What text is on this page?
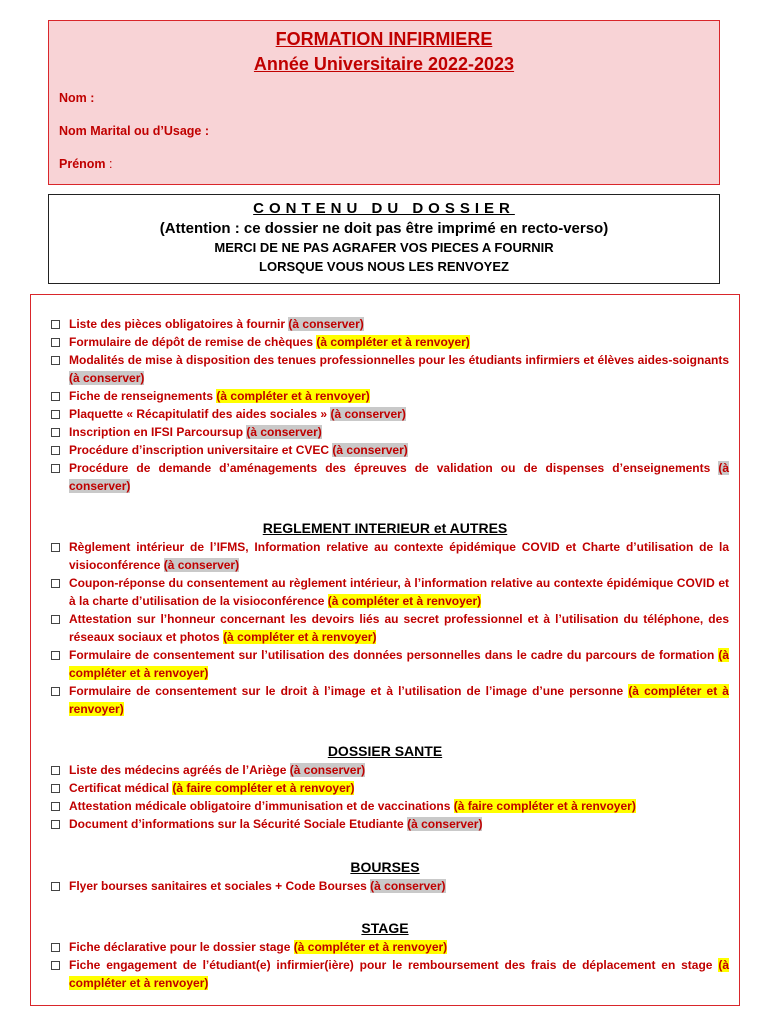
FORMATION INFIRMIERE
Année Universitaire 2022-2023
Nom :
Nom Marital ou d’Usage :
Prénom :
CONTENU DU DOSSIER
(Attention : ce dossier ne doit pas être imprimé en recto-verso)
MERCI DE NE PAS AGRAFER VOS PIECES A FOURNIR
LORSQUE VOUS NOUS LES RENVOYEZ
Liste des pièces obligatoires à fournir (à conserver)
Formulaire de dépôt de remise de chèques (à compléter et à renvoyer)
Modalités de mise à disposition des tenues professionnelles pour les étudiants infirmiers et élèves aides-soignants (à conserver)
Fiche de renseignements (à compléter et à renvoyer)
Plaquette « Récapitulatif des aides sociales » (à conserver)
Inscription en IFSI Parcoursup (à conserver)
Procédure d’inscription universitaire et CVEC (à conserver)
Procédure de demande d’aménagements des épreuves de validation ou de dispenses d’enseignements (à conserver)
REGLEMENT INTERIEUR et AUTRES
Règlement intérieur de l’IFMS, Information relative au contexte épidémique COVID et Charte d’utilisation de la visioconférence (à conserver)
Coupon-réponse du consentement au règlement intérieur, à l’information relative au contexte épidémique COVID et à la charte d’utilisation de la visioconférence (à compléter et à renvoyer)
Attestation sur l’honneur concernant les devoirs liés au secret professionnel et à l’utilisation du téléphone, des réseaux sociaux et photos (à compléter et à renvoyer)
Formulaire de consentement sur l’utilisation des données personnelles dans le cadre du parcours de formation (à compléter et à renvoyer)
Formulaire de consentement sur le droit à l’image et à l’utilisation de l’image d’une personne (à compléter et à renvoyer)
DOSSIER SANTE
Liste des médecins agréés de l’Ariège (à conserver)
Certificat médical (à faire compléter et à renvoyer)
Attestation médicale obligatoire d’immunisation et de vaccinations (à faire compléter et à renvoyer)
Document d’informations sur la Sécurité Sociale Etudiante (à conserver)
BOURSES
Flyer bourses sanitaires et sociales + Code Bourses (à conserver)
STAGE
Fiche déclarative pour le dossier stage (à compléter et à renvoyer)
Fiche engagement de l’étudiant(e) infirmier(ière) pour le remboursement des frais de déplacement en stage (à compléter et à renvoyer)
